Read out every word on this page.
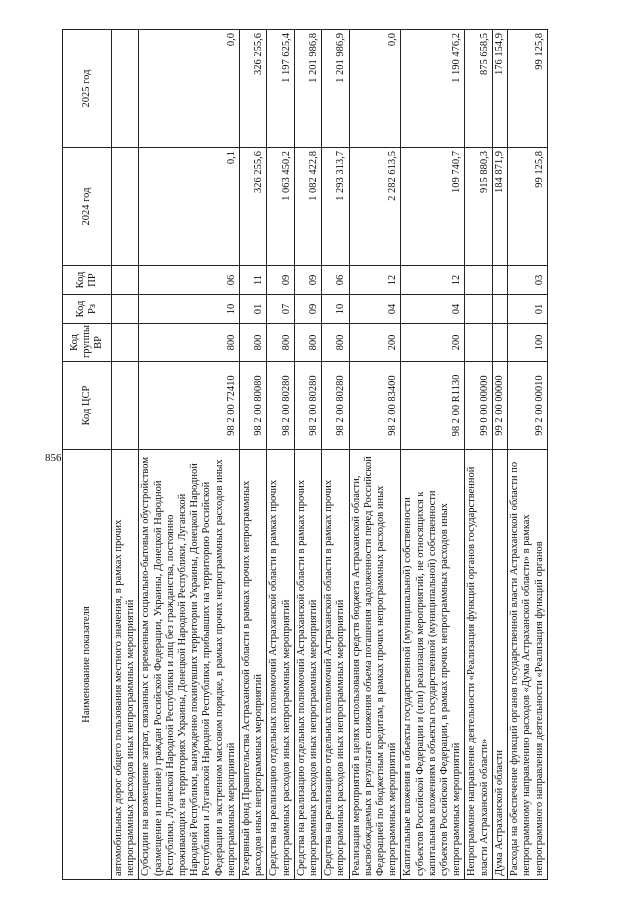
856
Наименование показателя	Код ЦСР	Код группы ВР	Код Рз	Код ПР	2024 год	2025 год
автомобильных дорог общего пользования местного значения, в рамках прочих непрограммных расходов иных непрограммных мероприятий						
Субсидии на возмещение затрат, связанных с временным социально-бытовым обустройством (размещение и питание) граждан Российской Федерации, Украины, Донецкой Народной Республики, Луганской Народной Республики и лиц без гражданства, постоянно проживающих на территориях Украины, Донецкой Народной Республики, Луганской Народной Республики, вынужденно покинувших территории Украины, Донецкой Народной Республики и Луганской Народной Республики, прибывших на территорию Российской Федерации в экстренном массовом порядке, в рамках прочих непрограммных расходов иных непрограммных мероприятий	98 2 00 72410	800	10	06	0,1	0,0
Резервный фонд Правительства Астраханской области в рамках прочих непрограммных расходов иных непрограммных мероприятий	98 2 00 80080	800	01	11	326 255,6	326 255,6
Средства на реализацию отдельных полномочий Астраханской области в рамках прочих непрограммных расходов иных непрограммных мероприятий	98 2 00 80280	800	07	09	1 063 450,2	1 197 625,4
Средства на реализацию отдельных полномочий Астраханской области в рамках прочих непрограммных расходов иных непрограммных мероприятий	98 2 00 80280	800	09	09	1 082 422,8	1 201 986,8
Средства на реализацию отдельных полномочий Астраханской области в рамках прочих непрограммных расходов иных непрограммных мероприятий	98 2 00 80280	800	10	06	1 293 313,7	1 201 986,9
Реализация мероприятий в целях использования средств бюджета Астраханской области, высвобождаемых в результате снижения объема погашения задолженности перед Российской Федерацией по бюджетным кредитам, в рамках прочих непрограммных расходов иных непрограммных мероприятий	98 2 00 83400	200	04	12	2 282 613,5	0,0
Капитальные вложения в объекты государственной (муниципальной) собственности субъектов Российской Федерации и (или) реализация мероприятий, не относящихся к капитальным вложениям в объекты государственной (муниципальной) собственности субъектов Российской Федерации, в рамках прочих непрограммных расходов иных непрограммных мероприятий	98 2 00 R1130	200	04	12	109 740,7	1 190 476,2
Непрограммное направление деятельности «Реализация функций органов государственной власти Астраханской области»	99 0 00 00000				915 880,3	875 658,5
Дума Астраханской области	99 2 00 00000				184 871,9	176 154,9
Расходы на обеспечение функций органов государственной власти Астраханской области по непрограммному направлению расходов «Дума Астраханской области» в рамках непрограммного направления деятельности «Реализация функций органов	99 2 00 00010	100	01	03	99 125,8	99 125,8
